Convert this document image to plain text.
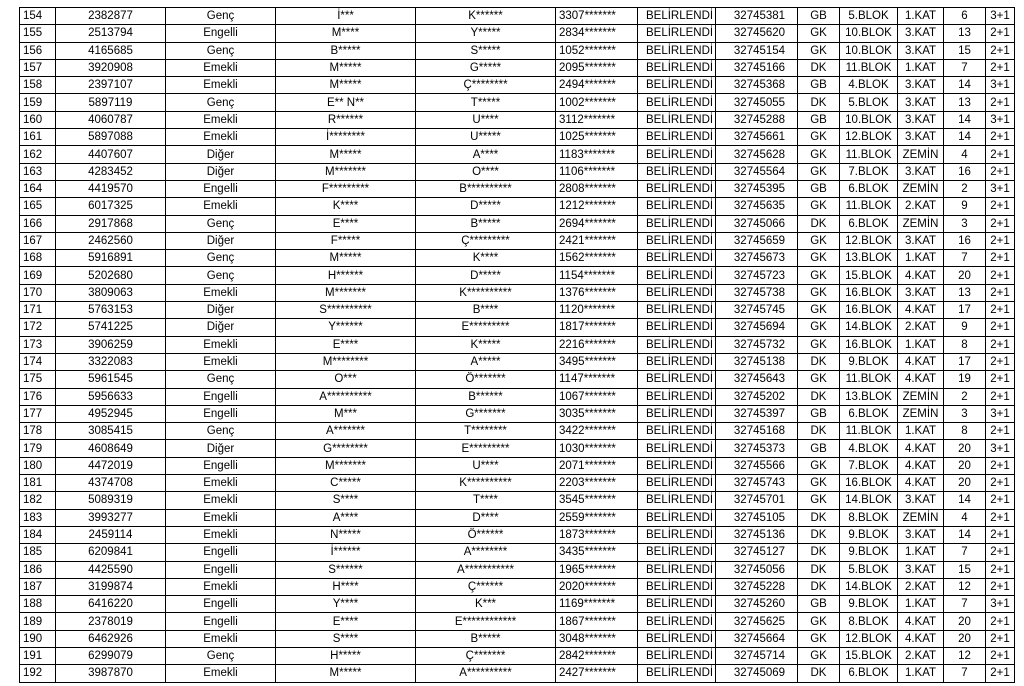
154	2382877	Genç	İ***	K******	3307*******	BELİRLENDİ	32745381	GB	5.BLOK	1.KAT	6	3+1
155	2513794	Engelli	M****	Y*****	2834*******	BELİRLENDİ	32745620	GK	10.BLOK	3.KAT	13	2+1
156	4165685	Genç	B*****	S*****	1052*******	BELİRLENDİ	32745154	GK	10.BLOK	3.KAT	15	2+1
157	3920908	Emekli	M*****	G*****	2095*******	BELİRLENDİ	32745166	DK	11.BLOK	1.KAT	7	2+1
158	2397107	Emekli	M*****	Ç********	2494*******	BELİRLENDİ	32745368	GB	4.BLOK	3.KAT	14	3+1
159	5897119	Genç	E** N**	T*****	1002*******	BELİRLENDİ	32745055	DK	5.BLOK	3.KAT	13	2+1
160	4060787	Emekli	R******	U****	3112*******	BELİRLENDİ	32745288	GB	10.BLOK	3.KAT	14	3+1
161	5897088	Emekli	İ********	U*****	1025*******	BELİRLENDİ	32745661	GK	12.BLOK	3.KAT	14	2+1
162	4407607	Diğer	M*****	A****	1183*******	BELİRLENDİ	32745628	GK	11.BLOK	ZEMİN	4	2+1
163	4283452	Diğer	M*******	O****	1106*******	BELİRLENDİ	32745564	GK	7.BLOK	3.KAT	16	2+1
164	4419570	Engelli	F*********	B**********	2808*******	BELİRLENDİ	32745395	GB	6.BLOK	ZEMİN	2	3+1
165	6017325	Emekli	K****	D*****	1212*******	BELİRLENDİ	32745635	GK	11.BLOK	2.KAT	9	2+1
166	2917868	Genç	E****	B*****	2694*******	BELİRLENDİ	32745066	DK	6.BLOK	ZEMİN	3	2+1
167	2462560	Diğer	F*****	Ç*********	2421*******	BELİRLENDİ	32745659	GK	12.BLOK	3.KAT	16	2+1
168	5916891	Genç	M*****	K****	1562*******	BELİRLENDİ	32745673	GK	13.BLOK	1.KAT	7	2+1
169	5202680	Genç	H******	D*****	1154*******	BELİRLENDİ	32745723	GK	15.BLOK	4.KAT	20	2+1
170	3809063	Emekli	M*******	K**********	1376*******	BELİRLENDİ	32745738	GK	16.BLOK	3.KAT	13	2+1
171	5763153	Diğer	S**********	B****	1120*******	BELİRLENDİ	32745745	GK	16.BLOK	4.KAT	17	2+1
172	5741225	Diğer	Y******	E*********	1817*******	BELİRLENDİ	32745694	GK	14.BLOK	2.KAT	9	2+1
173	3906259	Emekli	E****	K*****	2216*******	BELİRLENDİ	32745732	GK	16.BLOK	1.KAT	8	2+1
174	3322083	Emekli	M********	A*****	3495*******	BELİRLENDİ	32745138	DK	9.BLOK	4.KAT	17	2+1
175	5961545	Genç	O***	Ö*******	1147*******	BELİRLENDİ	32745643	GK	11.BLOK	4.KAT	19	2+1
176	5956633	Engelli	A**********	B******	1067*******	BELİRLENDİ	32745202	DK	13.BLOK	ZEMİN	2	2+1
177	4952945	Engelli	M***	G*******	3035*******	BELİRLENDİ	32745397	GB	6.BLOK	ZEMİN	3	3+1
178	3085415	Genç	A*******	T********	3422*******	BELİRLENDİ	32745168	DK	11.BLOK	1.KAT	8	2+1
179	4608649	Diğer	G********	E*********	1030*******	BELİRLENDİ	32745373	GB	4.BLOK	4.KAT	20	3+1
180	4472019	Engelli	M*******	U****	2071*******	BELİRLENDİ	32745566	GK	7.BLOK	4.KAT	20	2+1
181	4374708	Emekli	C*****	K**********	2203*******	BELİRLENDİ	32745743	GK	16.BLOK	4.KAT	20	2+1
182	5089319	Emekli	S****	T****	3545*******	BELİRLENDİ	32745701	GK	14.BLOK	3.KAT	14	2+1
183	3993277	Emekli	A****	D****	2559*******	BELİRLENDİ	32745105	DK	8.BLOK	ZEMİN	4	2+1
184	2459114	Emekli	N*****	Ö******	1873*******	BELİRLENDİ	32745136	DK	9.BLOK	3.KAT	14	2+1
185	6209841	Engelli	İ******	A********	3435*******	BELİRLENDİ	32745127	DK	9.BLOK	1.KAT	7	2+1
186	4425590	Engelli	S******	A***********	1965*******	BELİRLENDİ	32745056	DK	5.BLOK	3.KAT	15	2+1
187	3199874	Emekli	H****	Ç******	2020*******	BELİRLENDİ	32745228	DK	14.BLOK	2.KAT	12	2+1
188	6416220	Engelli	Y****	K***	1169*******	BELİRLENDİ	32745260	GB	9.BLOK	1.KAT	7	3+1
189	2378019	Engelli	E****	E************	1867*******	BELİRLENDİ	32745625	GK	8.BLOK	4.KAT	20	2+1
190	6462926	Emekli	S****	B*****	3048*******	BELİRLENDİ	32745664	GK	12.BLOK	4.KAT	20	2+1
191	6299079	Genç	H*****	Ç*******	2842*******	BELİRLENDİ	32745714	GK	15.BLOK	2.KAT	12	2+1
192	3987870	Emekli	M*****	A**********	2427*******	BELİRLENDİ	32745069	DK	6.BLOK	1.KAT	7	2+1
